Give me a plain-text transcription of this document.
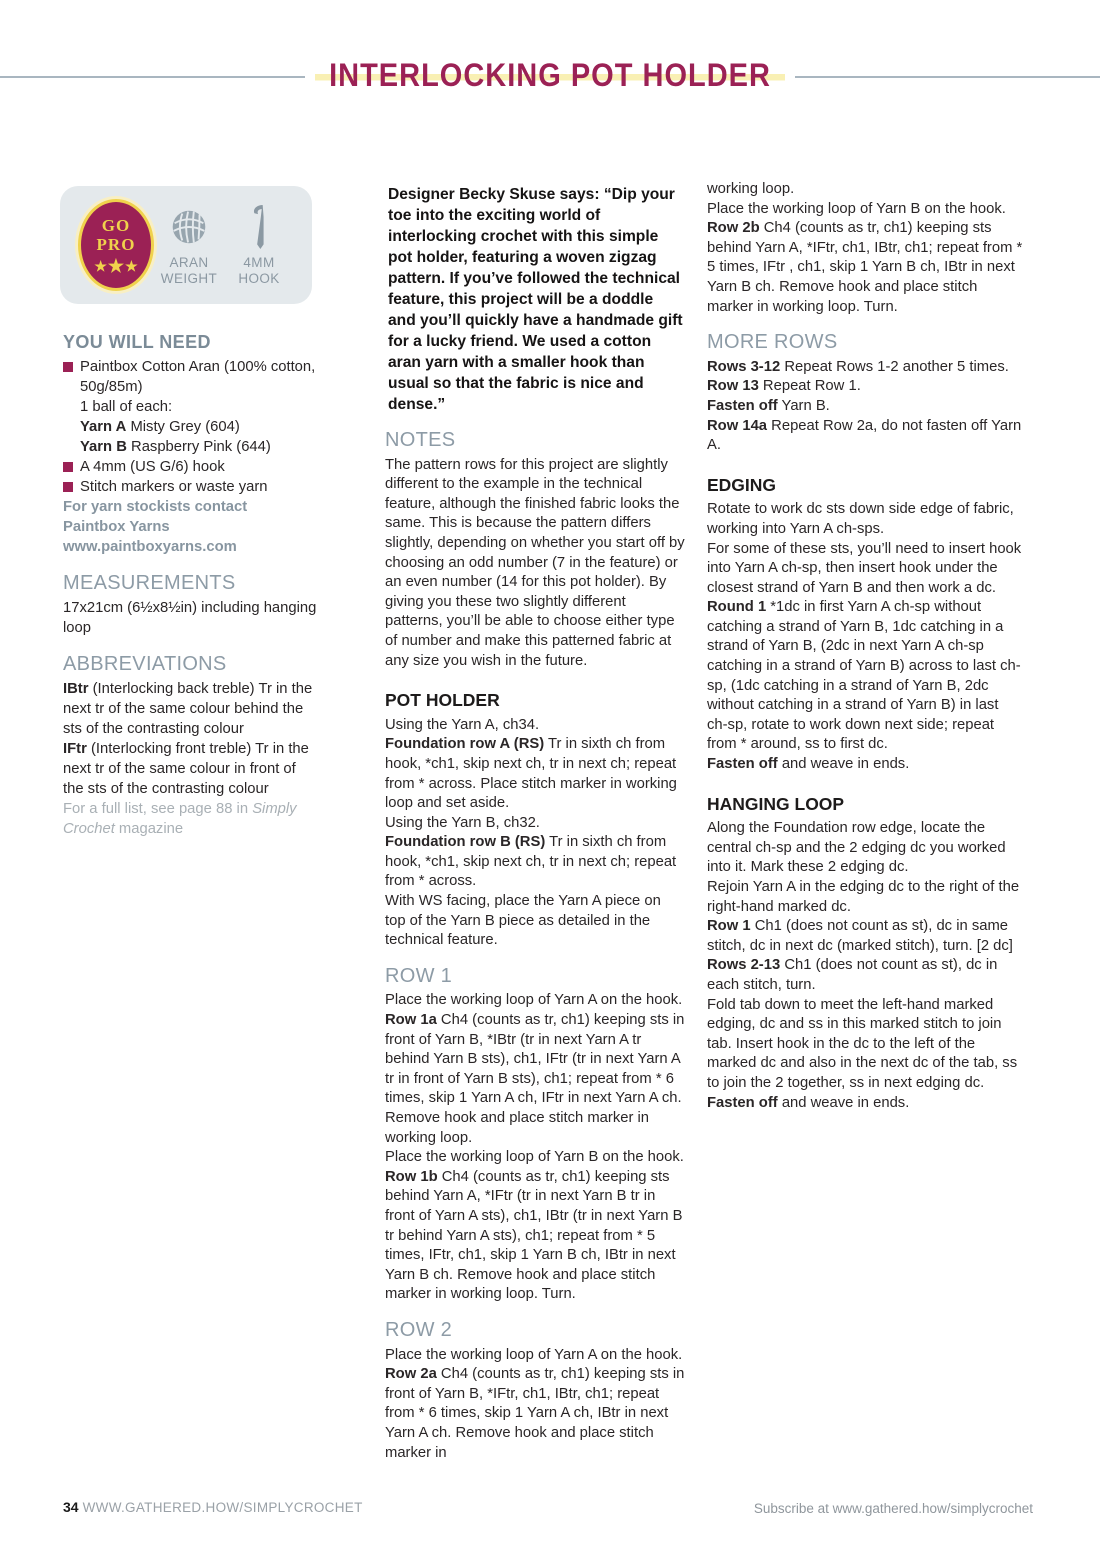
INTERLOCKING POT HOLDER
GO
PRO
★ ★ ★	ARAN WEIGHT
4MM HOOK
YOU WILL NEED

Paintbox Cotton Aran (100% cotton, 50g/85m)

1 ball of each:

Yarn A Misty Grey (604)

Yarn B Raspberry Pink (644)

A 4mm (US G/6) hook

Stitch markers or waste yarn

For yarn stockists contact

Paintbox Yarns

www.paintboxyarns.com

MEASUREMENTS

17x21cm (6½x8½in) including hanging loop

ABBREVIATIONS

IBtr (Interlocking back treble) Tr in the next tr of the same colour behind the sts of the contrasting colour

IFtr (Interlocking front treble) Tr in the next tr of the same colour in front of the sts of the contrasting colour

For a full list, see page 88 in Simply Crochet magazine

Designer Becky Skuse says: “Dip your toe into the exciting world of interlocking crochet with this simple pot holder, featuring a woven zigzag pattern. If you’ve followed the technical feature, this project will be a doddle and you’ll quickly have a handmade gift for a lucky friend. We used a cotton aran yarn with a smaller hook than usual so that the fabric is nice and dense.”

NOTES

The pattern rows for this project are slightly different to the example in the technical feature, although the finished fabric looks the same. This is because the pattern differs slightly, depending on whether you start off by choosing an odd number (7 in the feature) or an even number (14 for this pot holder). By giving you these two slightly different patterns, you’ll be able to choose either type of number and make this patterned fabric at any size you wish in the future.

POT HOLDER

Using the Yarn A, ch34.

Foundation row A (RS) Tr in sixth ch from hook, *ch1, skip next ch, tr in next ch; repeat from * across. Place stitch marker in working loop and set aside.

Using the Yarn B, ch32.

Foundation row B (RS) Tr in sixth ch from hook, *ch1, skip next ch, tr in next ch; repeat from * across.

With WS facing, place the Yarn A piece on top of the Yarn B piece as detailed in the technical feature.

ROW 1

Place the working loop of Yarn A on the hook.

Row 1a Ch4 (counts as tr, ch1) keeping sts in front of Yarn B, *IBtr (tr in next Yarn A tr behind Yarn B sts), ch1, IFtr (tr in next Yarn A tr in front of Yarn B sts), ch1; repeat from * 6 times, skip 1 Yarn A ch, IFtr in next Yarn A ch. Remove hook and place stitch marker in working loop.

Place the working loop of Yarn B on the hook.

Row 1b Ch4 (counts as tr, ch1) keeping sts behind Yarn A, *IFtr (tr in next Yarn B tr in front of Yarn A sts), ch1, IBtr (tr in next Yarn B tr behind Yarn A sts), ch1; repeat from * 5 times, IFtr, ch1, skip 1 Yarn B ch, IBtr in next Yarn B ch. Remove hook and place stitch marker in working loop. Turn.

ROW 2

Place the working loop of Yarn A on the hook.

Row 2a Ch4 (counts as tr, ch1) keeping sts in front of Yarn B, *IFtr, ch1, IBtr, ch1; repeat from * 6 times, skip 1 Yarn A ch, IBtr in next Yarn A ch. Remove hook and place stitch marker in

working loop.

Place the working loop of Yarn B on the hook.

Row 2b Ch4 (counts as tr, ch1) keeping sts behind Yarn A, *IFtr, ch1, IBtr, ch1; repeat from * 5 times, IFtr , ch1, skip 1 Yarn B ch, IBtr in next Yarn B ch. Remove hook and place stitch marker in working loop. Turn.

MORE ROWS

Rows 3-12 Repeat Rows 1-2 another 5 times.

Row 13 Repeat Row 1.

Fasten off Yarn B.

Row 14a Repeat Row 2a, do not fasten off Yarn A.

EDGING

Rotate to work dc sts down side edge of fabric, working into Yarn A ch-sps.

For some of these sts, you’ll need to insert hook into Yarn A ch-sp, then insert hook under the closest strand of Yarn B and then work a dc.

Round 1 *1dc in first Yarn A ch-sp without catching a strand of Yarn B, 1dc catching in a strand of Yarn B, (2dc in next Yarn A ch-sp catching in a strand of Yarn B) across to last ch-sp, (1dc catching in a strand of Yarn B, 2dc without catching in a strand of Yarn B) in last ch-sp, rotate to work down next side; repeat from * around, ss to first dc.

Fasten off and weave in ends.

HANGING LOOP

Along the Foundation row edge, locate the central ch-sp and the 2 edging dc you worked into it. Mark these 2 edging dc.

Rejoin Yarn A in the edging dc to the right of the right-hand marked dc.

Row 1 Ch1 (does not count as st), dc in same stitch, dc in next dc (marked stitch), turn. [2 dc]

Rows 2-13 Ch1 (does not count as st), dc in each stitch, turn.

Fold tab down to meet the left-hand marked edging, dc and ss in this marked stitch to join tab. Insert hook in the dc to the left of the marked dc and also in the next dc of the tab, ss to join the 2 together, ss in next edging dc.

Fasten off and weave in ends.

34 WWW.GATHERED.HOW/SIMPLYCROCHET	Subscribe at www.gathered.how/simplycrochet
